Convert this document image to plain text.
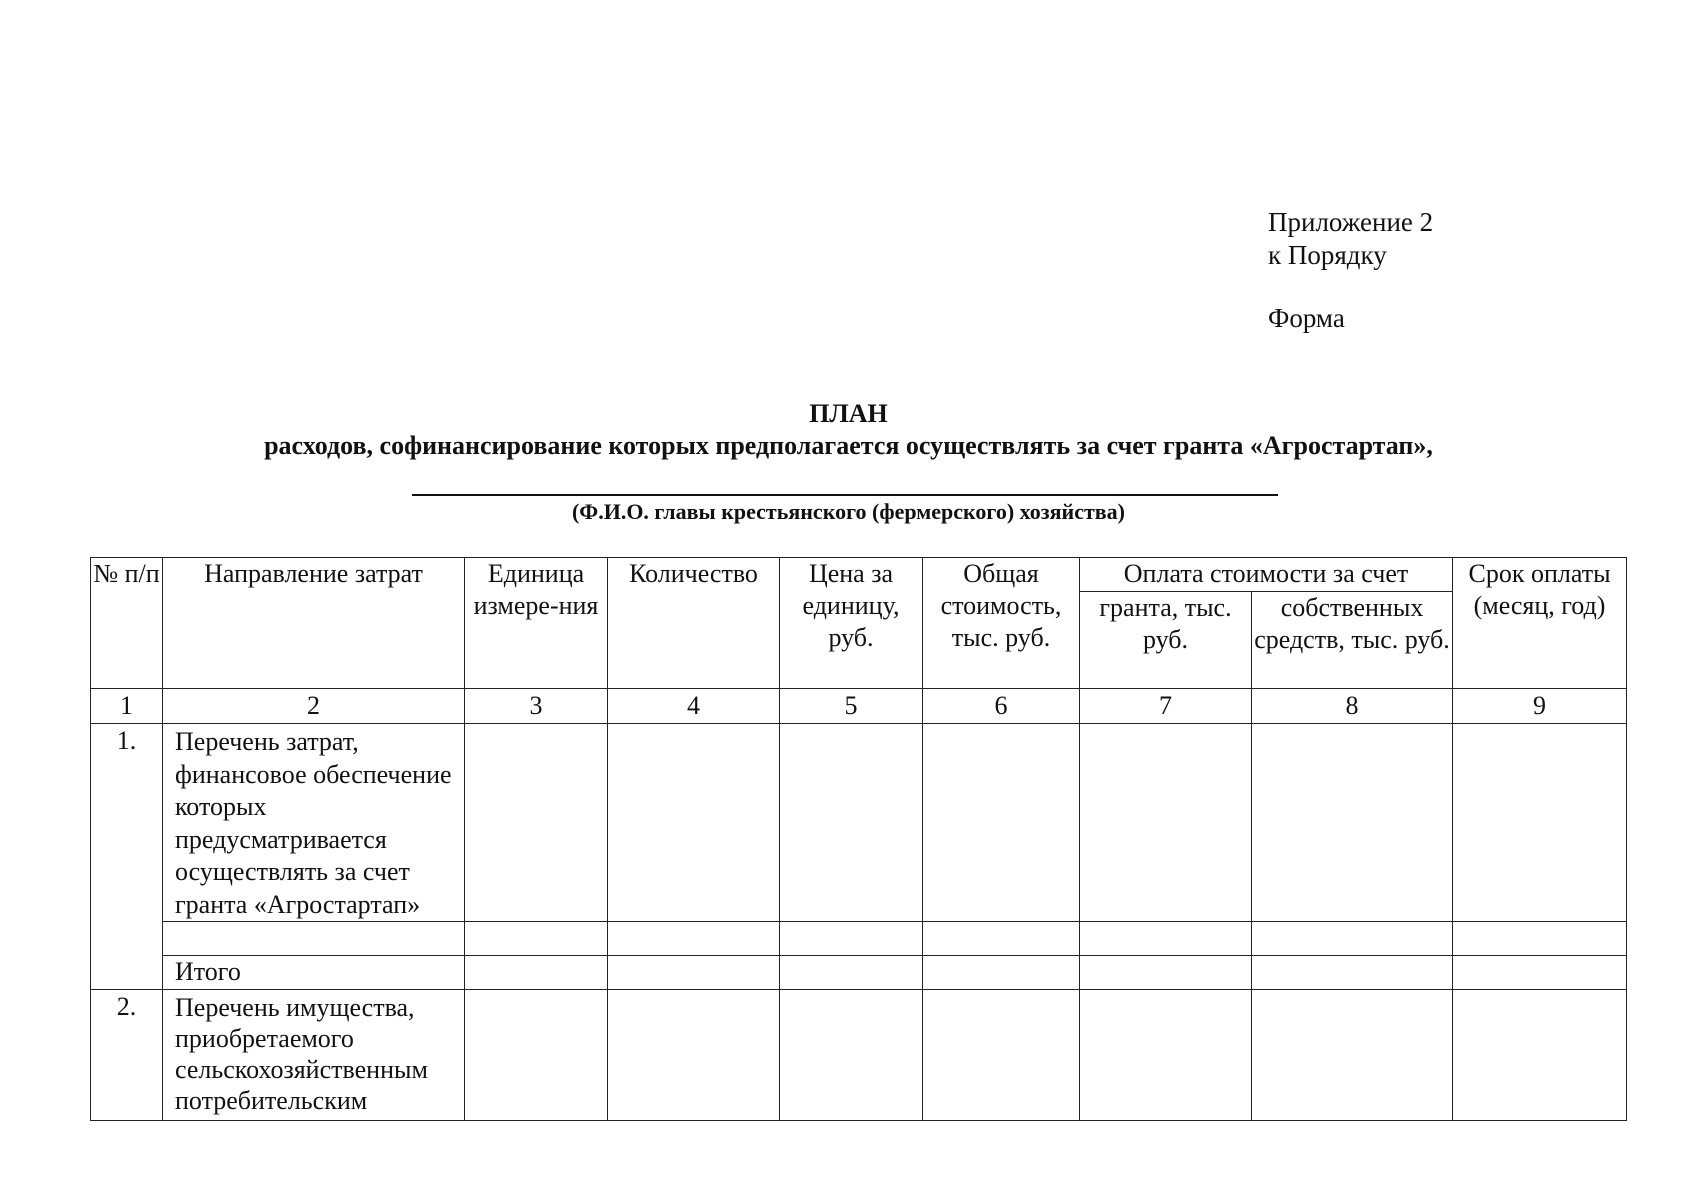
Приложение 2
к Порядку
Форма
ПЛАН
расходов, софинансирование которых предполагается осуществлять за счет гранта «Агростартап»,
(Ф.И.О. главы крестьянского (фермерского) хозяйства)
№ п/п	Направление затрат	Единица измере-ния	Количество	Цена за единицу, руб.	Общая стоимость, тыс. руб.	Оплата стоимости за счет		Срок оплаты (месяц, год)
						гранта, тыс. руб.	собственных средств, тыс. руб.	
1	2	3	4	5	6	7	8	9
1.	Перечень затрат, финансовое обеспечение которых предусматривается осуществлять за счет гранта «Агростартап»							

	Итого							
2.	Перечень имущества, приобретаемого сельскохозяйственным потребительским							
